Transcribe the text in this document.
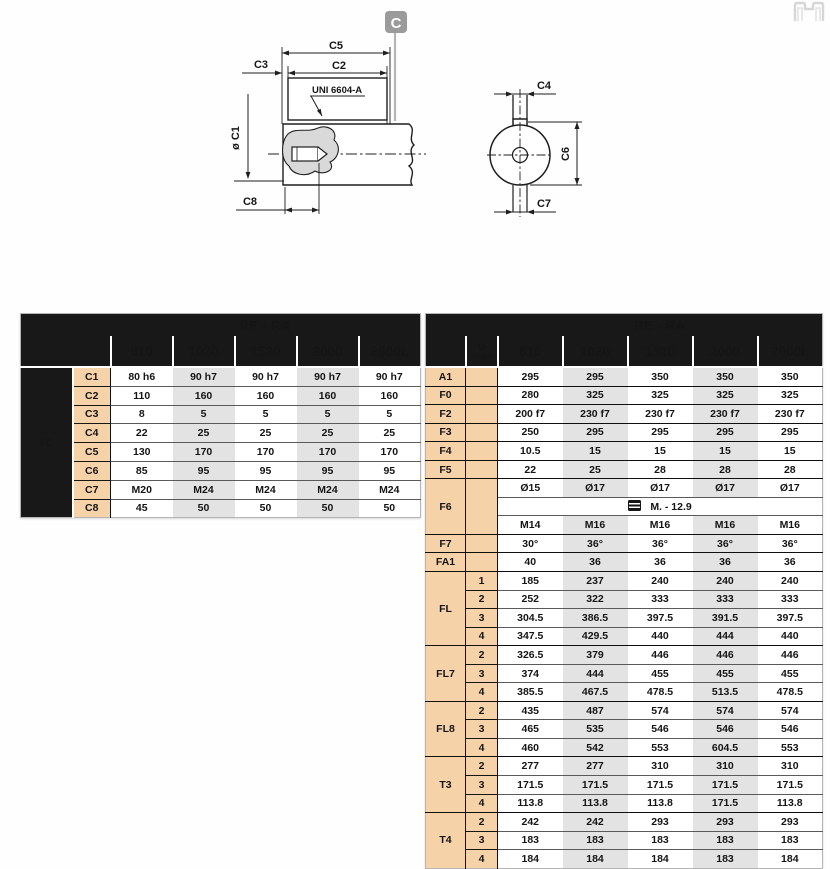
C
C5
C3	C2
UNI 6604-A
ø C1
C8
C4
C7
C6
		RE - RA				
		810	1020	1520	2000	2000L
TC	C1	80 h6	90 h7	90 h7	90 h7	90 h7
	C2	110	160	160	160	160
	C3	8	5	5	5	5
	C4	22	25	25	25	25
	C5	130	170	170	170	170
	C6	85	95	95	95	95
	C7	M20	M24	M24	M24	M24
	C8	45	50	50	50	50
		RE - RA				

	⚙
stages	810	1020	1520	2000	2000L
A1		295	295	350	350	350
F0		280	325	325	325	325
F2		200 f7	230 f7	230 f7	230 f7	230 f7
F3		250	295	295	295	295
F4		10.5	15	15	15	15
F5		22	25	28	28	28
F6		Ø15	Ø17	Ø17	Ø17	Ø17
		M. - 12.9				
		M14	M16	M16	M16	M16
F7		30°	36°	36°	36°	36°
FA1		40	36	36	36	36
FL	1	185	237	240	240	240
	2	252	322	333	333	333
	3	304.5	386.5	397.5	391.5	397.5
	4	347.5	429.5	440	444	440
FL7	2	326.5	379	446	446	446
	3	374	444	455	455	455
	4	385.5	467.5	478.5	513.5	478.5
FL8	2	435	487	574	574	574
	3	465	535	546	546	546
	4	460	542	553	604.5	553
T3	2	277	277	310	310	310
	3	171.5	171.5	171.5	171.5	171.5
	4	113.8	113.8	113.8	171.5	113.8
T4	2	242	242	293	293	293
	3	183	183	183	183	183
	4	184	184	184	183	184
